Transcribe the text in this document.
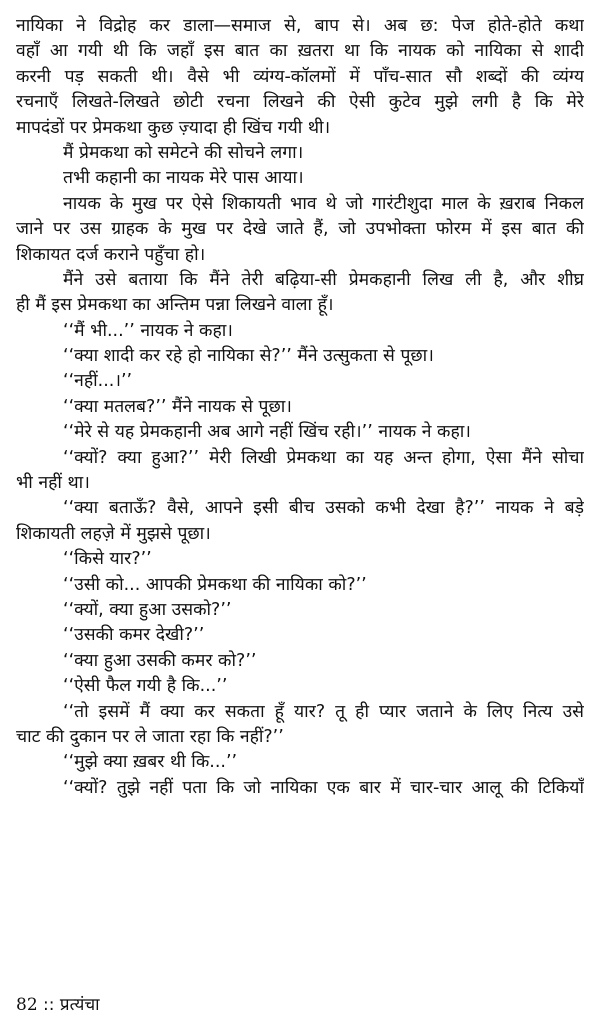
नायिका ने विद्रोह कर डाला—समाज से, बाप से। अब छ: पेज होते-होते कथा
वहाँ आ गयी थी कि जहाँ इस बात का ख़तरा था कि नायक को नायिका से शादी
करनी पड़ सकती थी। वैसे भी व्यंग्य-कॉलमों में पाँच-सात सौ शब्दों की व्यंग्य
रचनाएँ लिखते-लिखते छोटी रचना लिखने की ऐसी कुटेव मुझे लगी है कि मेरे
मापदंडों पर प्रेमकथा कुछ ज़्यादा ही खिंच गयी थी।
मैं प्रेमकथा को समेटने की सोचने लगा।
तभी कहानी का नायक मेरे पास आया।
नायक के मुख पर ऐसे शिकायती भाव थे जो गारंटीशुदा माल के ख़राब निकल
जाने पर उस ग्राहक के मुख पर देखे जाते हैं, जो उपभोक्ता फोरम में इस बात की
शिकायत दर्ज कराने पहुँचा हो।
मैंने उसे बताया कि मैंने तेरी बढ़िया-सी प्रेमकहानी लिख ली है, और शीघ्र
ही मैं इस प्रेमकथा का अन्तिम पन्ना लिखने वाला हूँ।
‘‘मैं भी...’’ नायक ने कहा।
‘‘क्या शादी कर रहे हो नायिका से?’’ मैंने उत्सुकता से पूछा।
‘‘नहीं...।’’
‘‘क्या मतलब?’’ मैंने नायक से पूछा।
‘‘मेरे से यह प्रेमकहानी अब आगे नहीं खिंच रही।’’ नायक ने कहा।
‘‘क्यों? क्या हुआ?’’ मेरी लिखी प्रेमकथा का यह अन्त होगा, ऐसा मैंने सोचा
भी नहीं था।
‘‘क्या बताऊँ? वैसे, आपने इसी बीच उसको कभी देखा है?’’ नायक ने बड़े
शिकायती लहज़े में मुझसे पूछा।
‘‘किसे यार?’’
‘‘उसी को... आपकी प्रेमकथा की नायिका को?’’
‘‘क्यों, क्या हुआ उसको?’’
‘‘उसकी कमर देखी?’’
‘‘क्या हुआ उसकी कमर को?’’
‘‘ऐसी फैल गयी है कि...’’
‘‘तो इसमें मैं क्या कर सकता हूँ यार? तू ही प्यार जताने के लिए नित्य उसे
चाट की दुकान पर ले जाता रहा कि नहीं?’’
‘‘मुझे क्या ख़बर थी कि...’’
‘‘क्यों? तुझे नहीं पता कि जो नायिका एक बार में चार-चार आलू की टिकियाँ
82 :: प्रत्यंचा
